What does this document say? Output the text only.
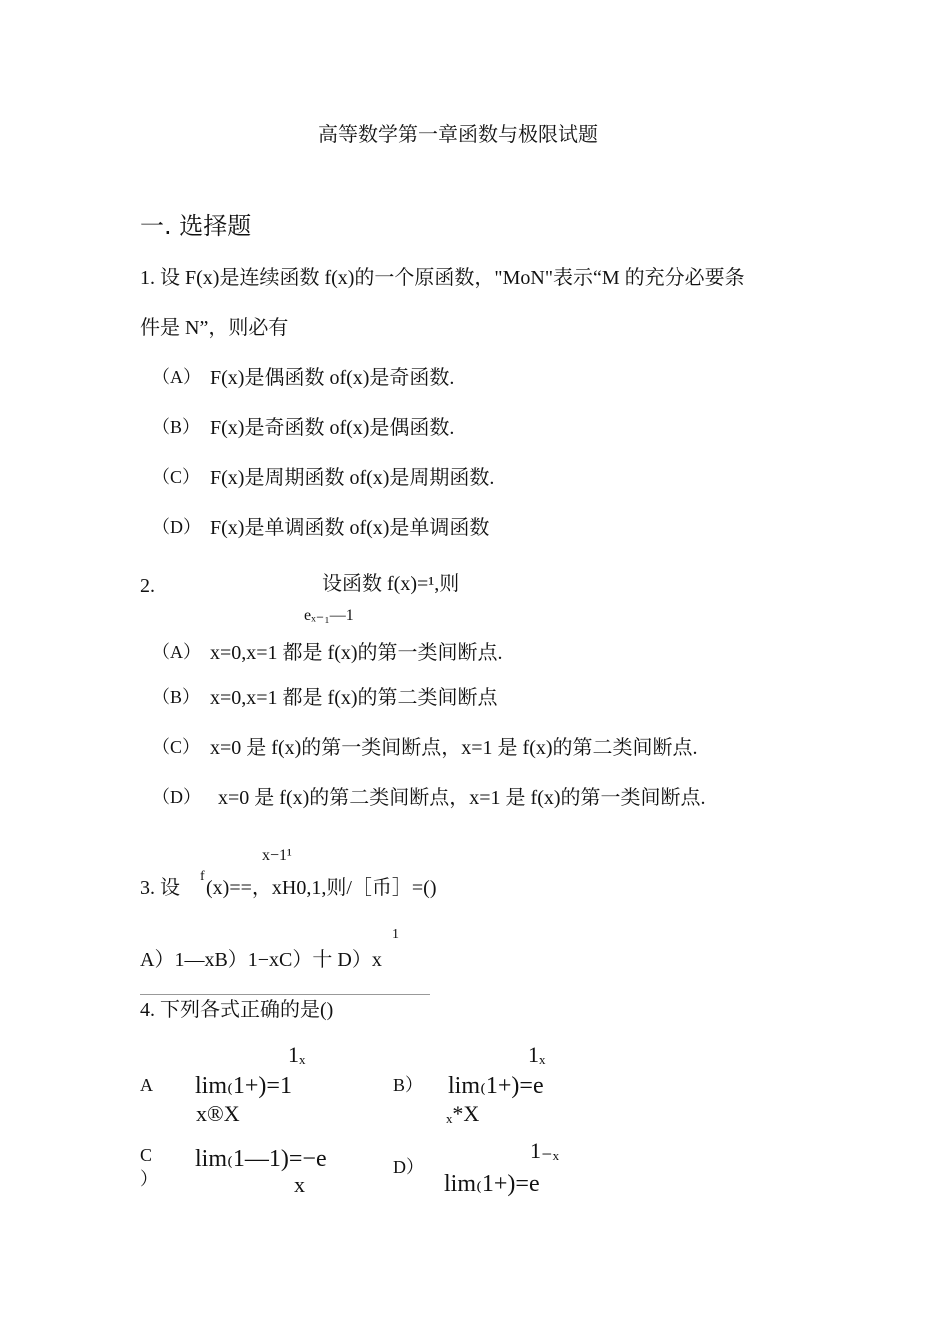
高等数学第一章函数与极限试题
一. 选择题
1. 设 F(x)是连续函数 f(x)的一个原函数，"MoN"表示“M 的充分必要条
件是 N”，则必有
（A） F(x)是偶函数 of(x)是奇函数.
（B） F(x)是奇函数 of(x)是偶函数.
（C） F(x)是周期函数 of(x)是周期函数.
（D） F(x)是单调函数 of(x)是单调函数
2.	设函数 f(x)=¹,则
eₓ₋₁—1
（A） x=0,x=1 都是 f(x)的第一类间断点.
（B） x=0,x=1 都是 f(x)的第二类间断点
（C） x=0 是 f(x)的第一类间断点，x=1 是 f(x)的第二类间断点.
（D） x=0 是 f(x)的第二类间断点，x=1 是 f(x)的第一类间断点.
x−1¹
3. 设
f
(x)==，xH0,1,则/［币］=()
1
A）1—xB）1−xC）十 D）x
4. 下列各式正确的是()
A
1ₓ
lim₍1+)=1
x®X
B）
1ₓ
lim₍1+)=e
ₓ*X
C
）
lim₍1—1)=−e
x
D）
1₋ₓ
lim₍1+)=e
